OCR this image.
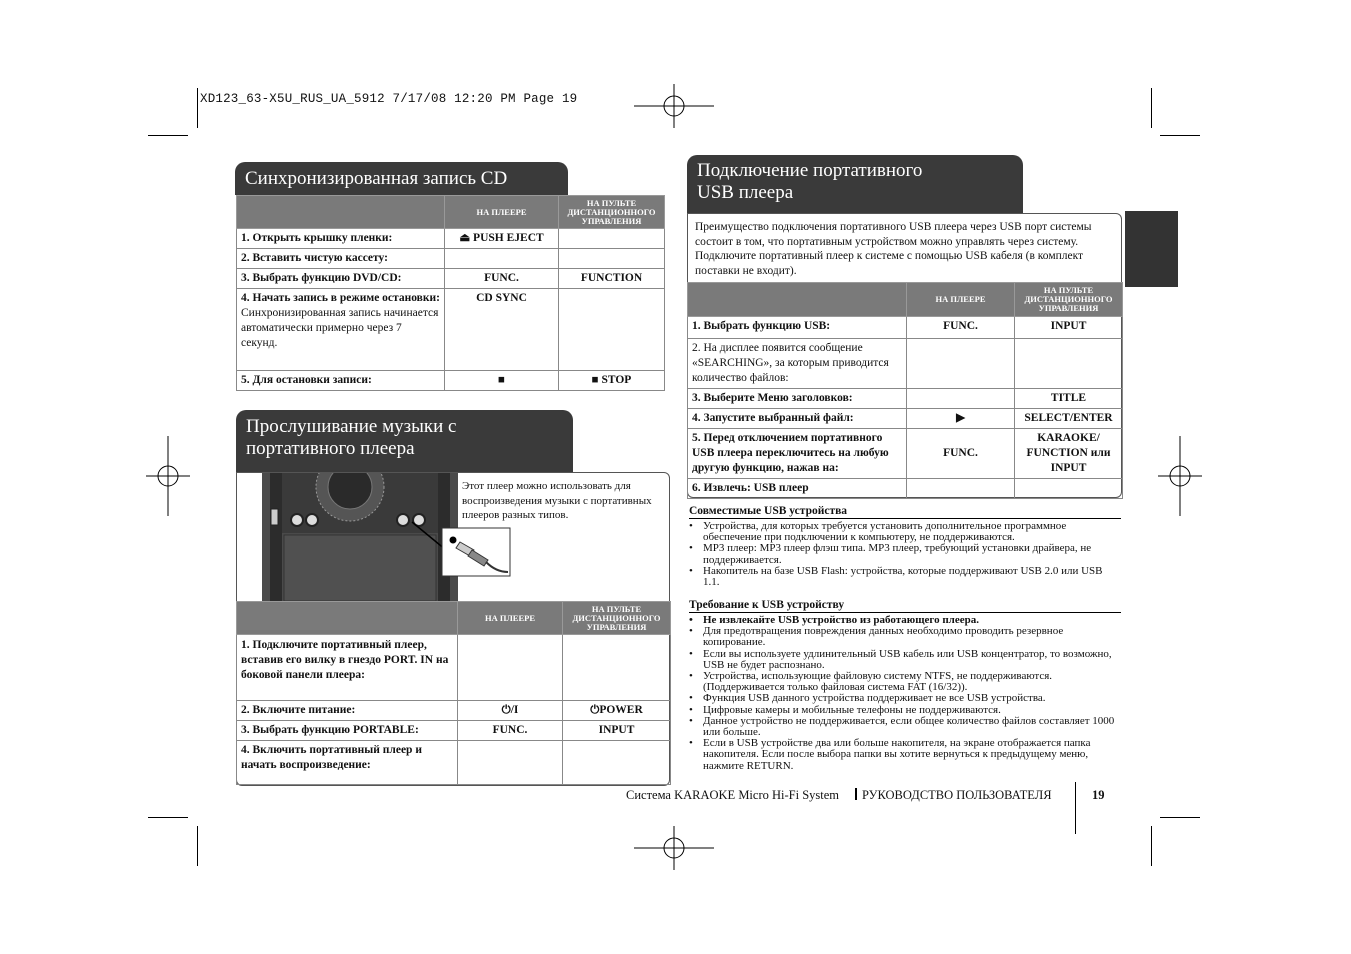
XD123_63-X5U_RUS_UA_5912 7/17/08 12:20 PM Page 19
Синхронизированная запись CD
	НА ПЛЕЕРЕ	НА ПУЛЬТЕ ДИСТАНЦИОННОГО УПРАВЛЕНИЯ
1. Открыть крышку пленки:	⏏ PUSH EJECT	
2. Вставить чистую кассету:		
3. Выбрать функцию DVD/CD:	FUNC.	FUNCTION

4. Начать запись в режиме остановки:
Синхронизированная запись начинается автоматически примерно через 7 секунд.	CD SYNC	
5. Для остановки записи:	■	■ STOP
Прослушивание музыки с
портативного плеера
Этот плеер можно использовать для воспроизведения музыки с портативных плееров разных типов.
	НА ПЛЕЕРЕ	НА ПУЛЬТЕ ДИСТАНЦИОННОГО УПРАВЛЕНИЯ
1. Подключите портативный плеер, вставив его вилку в гнездо PORT. IN на боковой панели плеера:		
2. Включите питание:	⏻/I	⏻POWER
3. Выбрать функцию PORTABLE:	FUNC.	INPUT
4. Включить портативный плеер и начать воспроизведение:		
Подключение портативного
USB плеера
Преимущество подключения портативного USB плеера через USB порт системы состоит в том, что портативным устройством можно управлять через систему. Подключите портативный плеер к системе с помощью USB кабеля (в комплект поставки не входит).
	НА ПЛЕЕРЕ	НА ПУЛЬТЕ ДИСТАНЦИОННОГО УПРАВЛЕНИЯ
1. Выбрать функцию USB:	FUNC.	INPUT
2. На дисплее появится сообщение «SEARCHING», за которым приводится количество файлов:		
3. Выберите Меню заголовков:		TITLE
4. Запустите выбранный файл:	▶	SELECT/ENTER
5. Перед отключением портативного USB плеера переключитесь на любую другую функцию, нажав на:	FUNC.	KARAOKE/ FUNCTION или INPUT
6. Извлечь: USB плеер		
Совместимые USB устройства
• Устройства, для которых требуется установить дополнительное программное обеспечение при подключении к компьютеру, не поддерживаются.
• MP3 плеер: MP3 плеер флэш типа. MP3 плеер, требующий установки драйвера, не поддерживается.
• Накопитель на базе USB Flash: устройства, которые поддерживают USB 2.0 или USB 1.1.
Требование к USB устройству
• Не извлекайте USB устройство из работающего плеера.
• Для предотвращения повреждения данных необходимо проводить резервное копирование.
• Если вы используете удлинительный USB кабель или USB концентратор, то возможно, USB не будет распознано.
• Устройства, использующие файловую систему NTFS, не поддерживаются. (Поддерживается только файловая система FAT (16/32)).
• Функция USB данного устройства поддерживает не все USB устройства.
• Цифровые камеры и мобильные телефоны не поддерживаются.
• Данное устройство не поддерживается, если общее количество файлов составляет 1000 или больше.
• Если в USB устройстве два или больше накопителя, на экране отображается папка накопителя. Если после выбора папки вы хотите вернуться к предыдущему меню, нажмите RETURN.
Система KARAOKE Micro Hi-Fi System РУКОВОДСТВО ПОЛЬЗОВАТЕЛЯ	19
